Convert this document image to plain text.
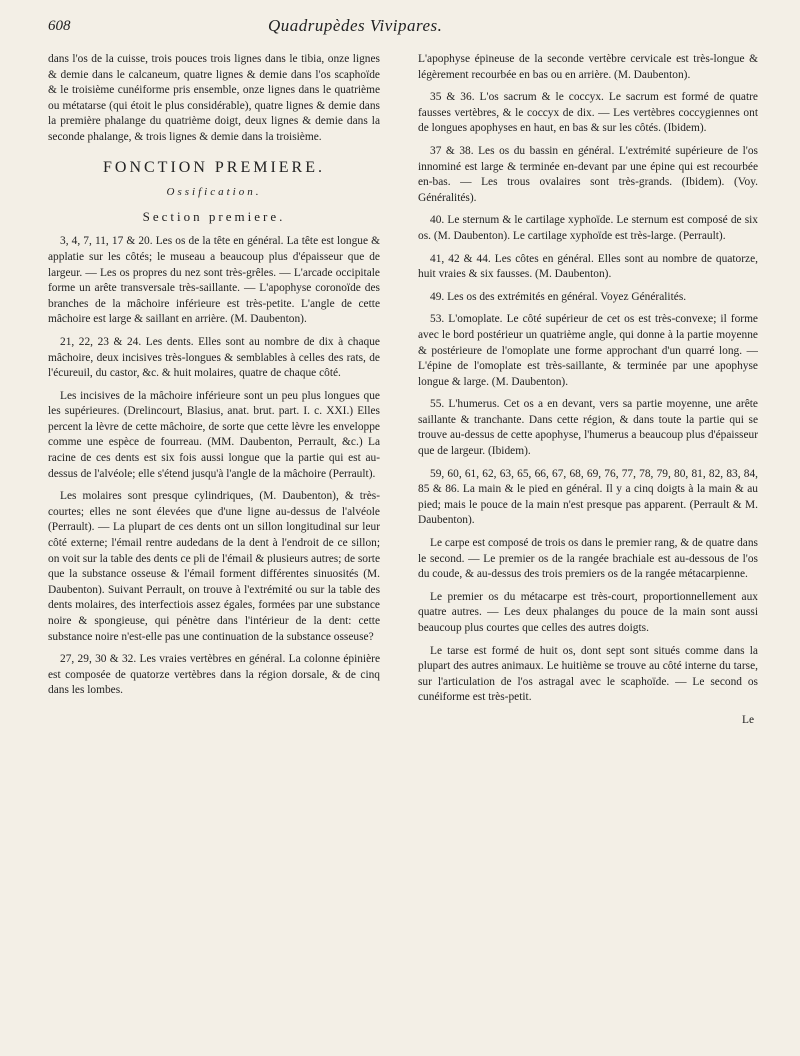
608	Quadrupèdes Vivipares.

dans l'os de la cuisse, trois pouces trois lignes dans le tibia, onze lignes & demie dans le calcaneum, quatre lignes & demie dans l'os scaphoïde & le troisième cunéiforme pris ensemble, onze lignes dans le quatrième ou métatarse (qui étoit le plus considérable), quatre lignes & demie dans la première phalange du quatrième doigt, deux lignes & demie dans la seconde phalange, & trois lignes & demie dans la troisième.

FONCTION PREMIERE.
Ossification.
Section premiere.

3, 4, 7, 11, 17 & 20. Les os de la tête en général. La tête est longue & applatie sur les côtés; le museau a beaucoup plus d'épaisseur que de largeur. — Les os propres du nez sont très-grêles. — L'arcade occipitale forme un arête transversale très-saillante. — L'apophyse coronoïde des branches de la mâchoire inférieure est très-petite. L'angle de cette mâchoire est large & saillant en arrière. (M. Daubenton).

21, 22, 23 & 24. Les dents. Elles sont au nombre de dix à chaque mâchoire, deux incisives très-longues & semblables à celles des rats, de l'écureuil, du castor, &c. & huit molaires, quatre de chaque côté.

Les incisives de la mâchoire inférieure sont un peu plus longues que les supérieures. (Drelincourt, Blasius, anat. brut. part. I. c. XXI.) Elles percent la lèvre de cette mâchoire, de sorte que cette lèvre les enveloppe comme une espèce de fourreau. (MM. Daubenton, Perrault, &c.) La racine de ces dents est six fois aussi longue que la partie qui est au-dessus de l'alvéole; elle s'étend jusqu'à l'angle de la mâchoire (Perrault).

Les molaires sont presque cylindriques, (M. Daubenton), & très-courtes; elles ne sont élevées que d'une ligne au-dessus de l'alvéole (Perrault). — La plupart de ces dents ont un sillon longitudinal sur leur côté externe; l'émail rentre audedans de la dent à l'endroit de ce sillon; on voit sur la table des dents ce pli de l'émail & plusieurs autres; de sorte que la substance osseuse & l'émail forment différentes sinuosités (M. Daubenton). Suivant Perrault, on trouve à l'extrémité ou sur la table des dents molaires, des interfectiois assez égales, formées par une substance noire & spongieuse, qui pénètre dans l'intérieur de la dent: cette substance noire n'est-elle pas une continuation de la substance osseuse?

27, 29, 30 & 32. Les vraies vertèbres en général. La colonne épinière est composée de quatorze vertèbres dans la région dorsale, & de cinq dans les lombes.

L'apophyse épineuse de la seconde vertèbre cervicale est très-longue & légèrement recourbée en bas ou en arrière. (M. Daubenton).

35 & 36. L'os sacrum & le coccyx. Le sacrum est formé de quatre fausses vertèbres, & le coccyx de dix. — Les vertèbres coccygiennes ont de longues apophyses en haut, en bas & sur les côtés. (Ibidem).

37 & 38. Les os du bassin en général. L'extrémité supérieure de l'os innominé est large & terminée en-devant par une épine qui est recourbée en-bas. — Les trous ovalaires sont très-grands. (Ibidem). (Voy. Généralités).

40. Le sternum & le cartilage xyphoïde. Le sternum est composé de six os. (M. Daubenton). Le cartilage xyphoïde est très-large. (Perrault).

41, 42 & 44. Les côtes en général. Elles sont au nombre de quatorze, huit vraies & six fausses. (M. Daubenton).

49. Les os des extrémités en général. Voyez Généralités.

53. L'omoplate. Le côté supérieur de cet os est très-convexe; il forme avec le bord postérieur un quatrième angle, qui donne à la partie moyenne & postérieure de l'omoplate une forme approchant d'un quarré long. — L'épine de l'omoplate est très-saillante, & terminée par une apophyse longue & large. (M. Daubenton).

55. L'humerus. Cet os a en devant, vers sa partie moyenne, une arête saillante & tranchante. Dans cette région, & dans toute la partie qui se trouve au-dessus de cette apophyse, l'humerus a beaucoup plus d'épaisseur que de largeur. (Ibidem).

59, 60, 61, 62, 63, 65, 66, 67, 68, 69, 76, 77, 78, 79, 80, 81, 82, 83, 84, 85 & 86. La main & le pied en général. Il y a cinq doigts à la main & au pied; mais le pouce de la main n'est presque pas apparent. (Perrault & M. Daubenton).

Le carpe est composé de trois os dans le premier rang, & de quatre dans le second. — Le premier os de la rangée brachiale est au-dessous de l'os du coude, & au-dessus des trois premiers os de la rangée métacarpienne.

Le premier os du métacarpe est très-court, proportionnellement aux quatre autres. — Les deux phalanges du pouce de la main sont aussi beaucoup plus courtes que celles des autres doigts.

Le tarse est formé de huit os, dont sept sont situés comme dans la plupart des autres animaux. Le huitième se trouve au côté interne du tarse, sur l'articulation de l'os astragal avec le scaphoïde. — Le second os cunéiforme est très-petit.

Le
